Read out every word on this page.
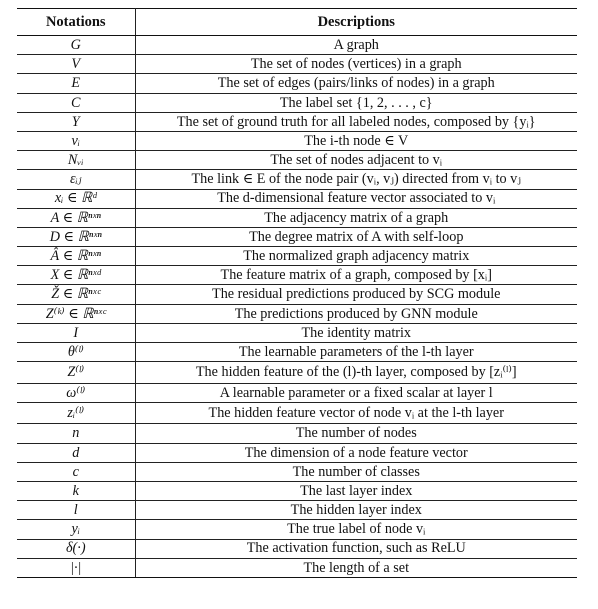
Notations	Descriptions
G	A graph
V	The set of nodes (vertices) in a graph
E	The set of edges (pairs/links of nodes) in a graph
C	The label set {1, 2, . . . , c}
Y	The set of ground truth for all labeled nodes, composed by {yᵢ}
vᵢ	The i-th node ∈ V
Nᵥᵢ	The set of nodes adjacent to vᵢ
εᵢⱼ	The link ∈ E of the node pair (vᵢ, vⱼ) directed from vᵢ to vⱼ
xᵢ ∈ ℝᵈ	The d-dimensional feature vector associated to vᵢ
A ∈ ℝⁿˣⁿ	The adjacency matrix of a graph
D ∈ ℝⁿˣⁿ	The degree matrix of A with self-loop
Â ∈ ℝⁿˣⁿ	The normalized graph adjacency matrix
X ∈ ℝⁿˣᵈ	The feature matrix of a graph, composed by [xᵢ]
Ž ∈ ℝⁿˣᶜ	The residual predictions produced by SCG module
Z⁽ᵏ⁾ ∈ ℝⁿˣᶜ	The predictions produced by GNN module
I	The identity matrix
θ⁽ˡ⁾	The learnable parameters of the l-th layer
Z⁽ˡ⁾	The hidden feature of the (l)-th layer, composed by [zᵢ⁽ˡ⁾]
ω⁽ˡ⁾	A learnable parameter or a fixed scalar at layer l
zᵢ⁽ˡ⁾	The hidden feature vector of node vᵢ at the l-th layer
n	The number of nodes
d	The dimension of a node feature vector
c	The number of classes
k	The last layer index
l	The hidden layer index
yᵢ	The true label of node vᵢ
δ(·)	The activation function, such as ReLU
|·|	The length of a set
